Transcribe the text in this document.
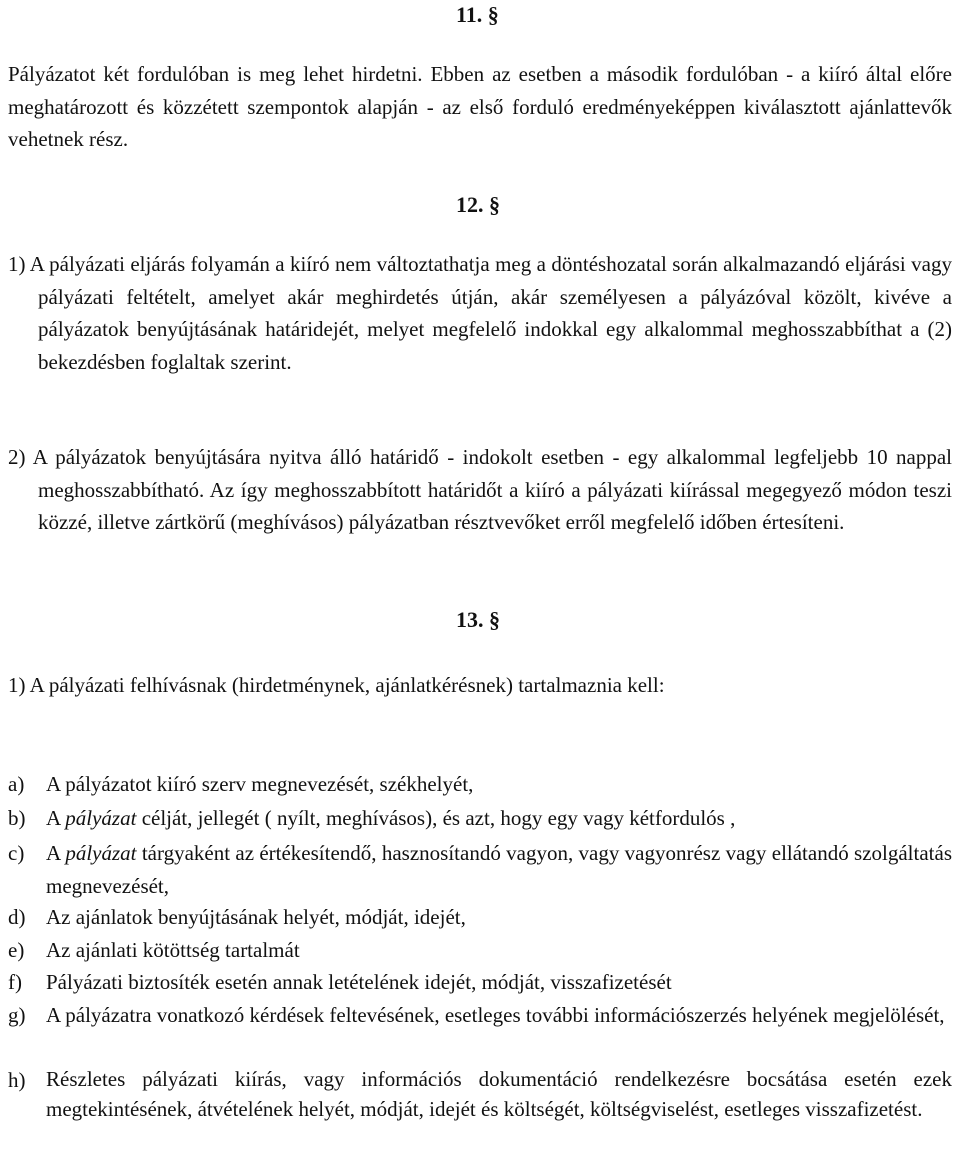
11. §
Pályázatot két fordulóban is meg lehet hirdetni. Ebben az esetben a második fordulóban - a kiíró által előre meghatározott és közzétett szempontok alapján - az első forduló eredményeképpen kiválasztott ajánlattevők vehetnek rész.
12. §
1) A pályázati eljárás folyamán a kiíró nem változtathatja meg a döntéshozatal során alkalmazandó eljárási vagy pályázati feltételt, amelyet akár meghirdetés útján, akár személyesen a pályázóval közölt, kivéve a pályázatok benyújtásának határidejét, melyet megfelelő indokkal egy alkalommal meghosszabbíthat a (2) bekezdésben foglaltak szerint.
2) A pályázatok benyújtására nyitva álló határidő - indokolt esetben - egy alkalommal legfeljebb 10 nappal meghosszabbítható. Az így meghosszabbított határidőt a kiíró a pályázati kiírással megegyező módon teszi közzé, illetve zártkörű (meghívásos) pályázatban résztvevőket erről megfelelő időben értesíteni.
13. §
1) A pályázati felhívásnak (hirdetménynek, ajánlatkérésnek) tartalmaznia kell:
a) A pályázatot kiíró szerv megnevezését, székhelyét,
b) A pályázat célját, jellegét ( nyílt, meghívásos), és azt, hogy egy vagy kétfordulós ,
c) A pályázat tárgyaként az értékesítendő, hasznosítandó vagyon, vagy vagyonrész vagy ellátandó szolgáltatás megnevezését,
d) Az ajánlatok benyújtásának helyét, módját, idejét,
e) Az ajánlati kötöttség tartalmát
f) Pályázati biztosíték esetén annak letételének idejét, módját, visszafizetését
g) A pályázatra vonatkozó kérdések feltevésének, esetleges további információszerzés helyének megjelölését,
h) Részletes pályázati kiírás, vagy információs dokumentáció rendelkezésre bocsátása esetén ezek megtekintésének, átvételének helyét, módját, idejét és költségét, költségviselést, esetleges visszafizetést.
